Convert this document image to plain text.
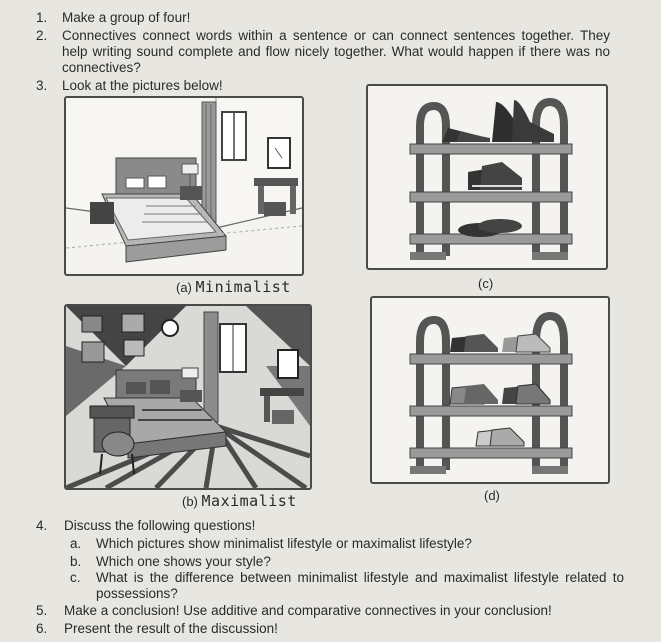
1. Make a group of four!
2. Connectives connect words within a sentence or can connect sentences together. They
help writing sound complete and flow nicely together. What would happen if there was no
connectives?
3. Look at the pictures below!
(a) Minimalist	(c)
(b) Maximalist	(d)
4. Discuss the following questions!
a. Which pictures show minimalist lifestyle or maximalist lifestyle?
b. Which one shows your style?
c. What is the difference between minimalist lifestyle and maximalist lifestyle related to
possessions?
5. Make a conclusion! Use additive and comparative connectives in your conclusion!
6. Present the result of the discussion!
